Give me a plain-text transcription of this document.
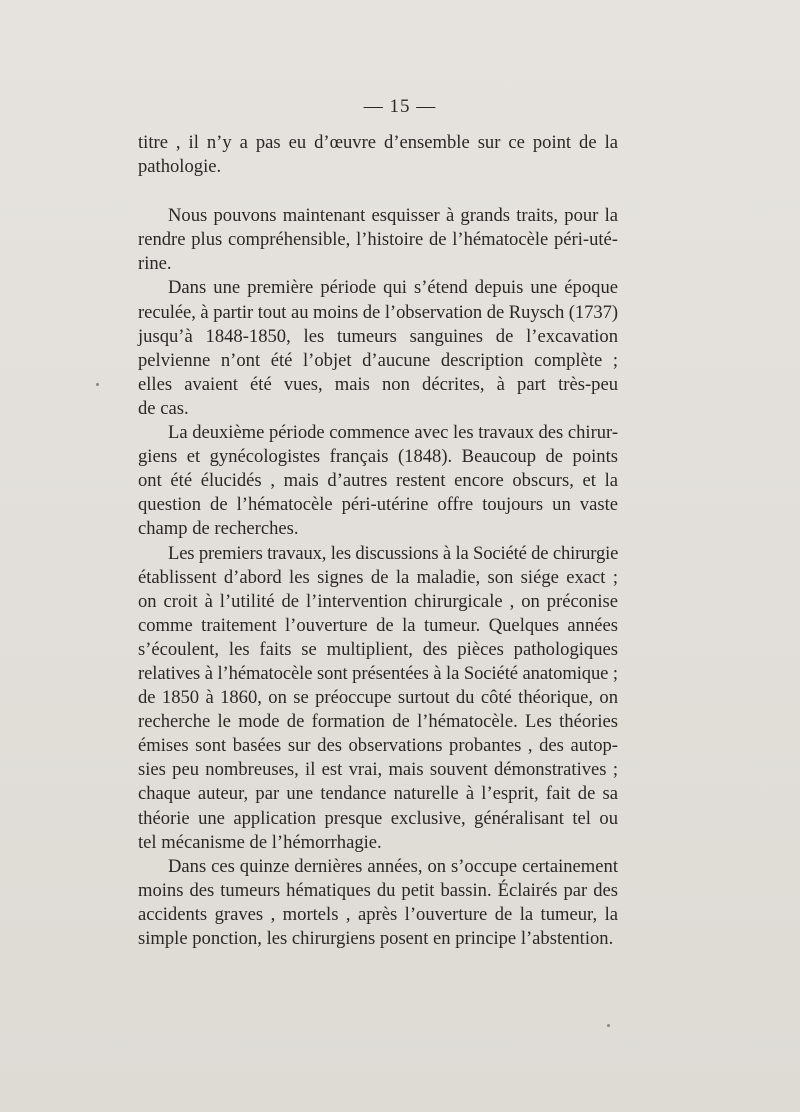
— 15 —
titre , il n’y a pas eu d’œuvre d’ensemble sur ce point de la
pathologie.
Nous pouvons maintenant esquisser à grands traits, pour la
rendre plus compréhensible, l’histoire de l’hématocèle péri-uté-
rine.
Dans une première période qui s’étend depuis une époque
reculée, à partir tout au moins de l’observation de Ruysch (1737)
jusqu’à 1848-1850, les tumeurs sanguines de l’excavation
pelvienne n’ont été l’objet d’aucune description complète ;
elles avaient été vues, mais non décrites, à part très-peu
de cas.
La deuxième période commence avec les travaux des chirur-
giens et gynécologistes français (1848). Beaucoup de points
ont été élucidés , mais d’autres restent encore obscurs, et la
question de l’hématocèle péri-utérine offre toujours un vaste
champ de recherches.
Les premiers travaux, les discussions à la Société de chirurgie
établissent d’abord les signes de la maladie, son siége exact ;
on croit à l’utilité de l’intervention chirurgicale , on préconise
comme traitement l’ouverture de la tumeur. Quelques années
s’écoulent, les faits se multiplient, des pièces pathologiques
relatives à l’hématocèle sont présentées à la Société anatomique ;
de 1850 à 1860, on se préoccupe surtout du côté théorique, on
recherche le mode de formation de l’hématocèle. Les théories
émises sont basées sur des observations probantes , des autop-
sies peu nombreuses, il est vrai, mais souvent démonstratives ;
chaque auteur, par une tendance naturelle à l’esprit, fait de sa
théorie une application presque exclusive, généralisant tel ou
tel mécanisme de l’hémorrhagie.
Dans ces quinze dernières années, on s’occupe certainement
moins des tumeurs hématiques du petit bassin. Éclairés par des
accidents graves , mortels , après l’ouverture de la tumeur, la
simple ponction, les chirurgiens posent en principe l’abstention.
